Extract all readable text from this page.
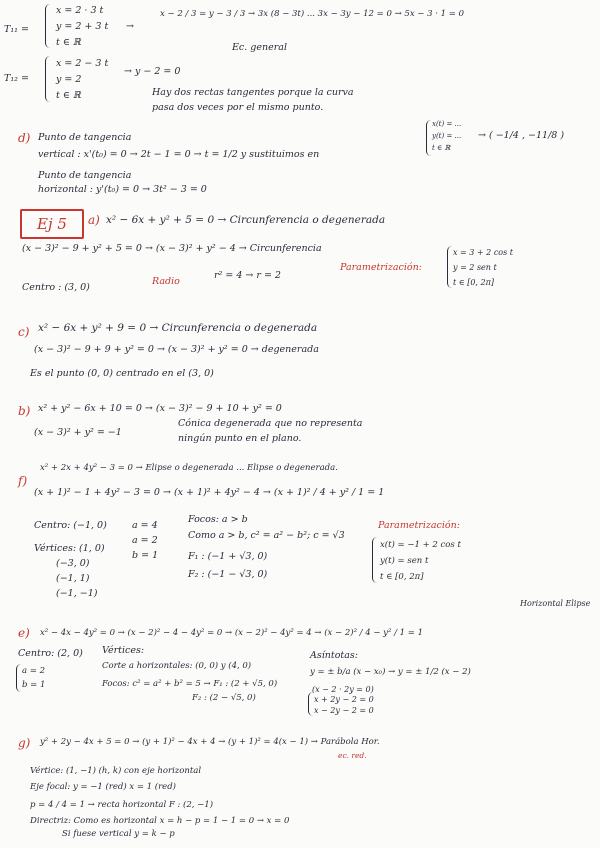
T₁₁ =
x = 2 · 3 t
y = 2 + 3 t
t ∈ ℝ
→
x − 2 / 3 = y − 3 / 3 → 3x (8 − 3t) ... 3x − 3y − 12 = 0 → 5x − 3 · 1 = 0
Ec. general
T₁₂ =
x = 2 − 3 t
y = 2
t ∈ ℝ
→ y − 2 = 0
Hay dos rectas tangentes porque la curva
pasa dos veces por el mismo punto.
d) Punto de tangencia
vertical : x'(t₀) = 0 → 2t − 1 = 0 → t = 1/2 y sustituimos en
x(t) = ...
y(t) = ...
t ∈ ℝ
→ ( −1/4 , −11/8 )
Punto de tangencia
horizontal : y'(t₀) = 0 → 3t² − 3 = 0
Ej 5	a) x² − 6x + y² + 5 = 0 → Circunferencia o degenerada
(x − 3)² − 9 + y² + 5 = 0 → (x − 3)² + y² − 4 → Circunferencia
Parametrización:
x = 3 + 2 cos t
y = 2 sen t
t ∈ [0, 2π]
Centro : (3, 0)
Radio
r² = 4 → r = 2
c) x² − 6x + y² + 9 = 0 → Circunferencia o degenerada
(x − 3)² − 9 + 9 + y² = 0 → (x − 3)² + y² = 0 → degenerada
Es el punto (0, 0) centrado en el (3, 0)
b) x² + y² − 6x + 10 = 0 → (x − 3)² − 9 + 10 + y² = 0
(x − 3)² + y² = −1
Cónica degenerada que no representa
ningún punto en el plano.
f)
x² + 2x + 4y² − 3 = 0 → Elipse o degenerada ... Elipse o degenerada.
(x + 1)² − 1 + 4y² − 3 = 0 → (x + 1)² + 4y² − 4 → (x + 1)² / 4 + y² / 1 = 1
Centro: (−1, 0)	a = 4
a = 2
b = 1
Focos: a > b
Como a > b, c² = a² − b²; c = √3
F₁ : (−1 + √3, 0)
F₂ : (−1 − √3, 0)
Parametrización:
x(t) = −1 + 2 cos t
y(t) = sen t
t ∈ [0, 2π]
Vértices: (1, 0)
(−3, 0)
(−1, 1)
(−1, −1)
Horizontal Elipse
e) x² − 4x − 4y² = 0 → (x − 2)² − 4 − 4y² = 0 → (x − 2)² − 4y² = 4 → (x − 2)² / 4 − y² / 1 = 1
Centro: (2, 0)
a = 2
b = 1
Vértices:
Corte a horizontales: (0, 0) y (4, 0)
Focos: c² = a² + b² = 5 → F₁ : (2 + √5, 0)
F₂ : (2 − √5, 0)
Asíntotas:
y = ± b/a (x − x₀) → y = ± 1/2 (x − 2)
(x − 2 · 2y = 0)
x + 2y − 2 = 0
x − 2y − 2 = 0
g) y² + 2y − 4x + 5 = 0 → (y + 1)² − 4x + 4 → (y + 1)² = 4(x − 1) → Parábola Hor.
ec. red.
Vértice: (1, −1) (h, k) con eje horizontal
Eje focal: y = −1 (red) x = 1 (red)
p = 4 / 4 = 1 → recta horizontal F : (2, −1)
Directriz: Como es horizontal x = h − p = 1 − 1 = 0 → x = 0
Si fuese vertical y = k − p
